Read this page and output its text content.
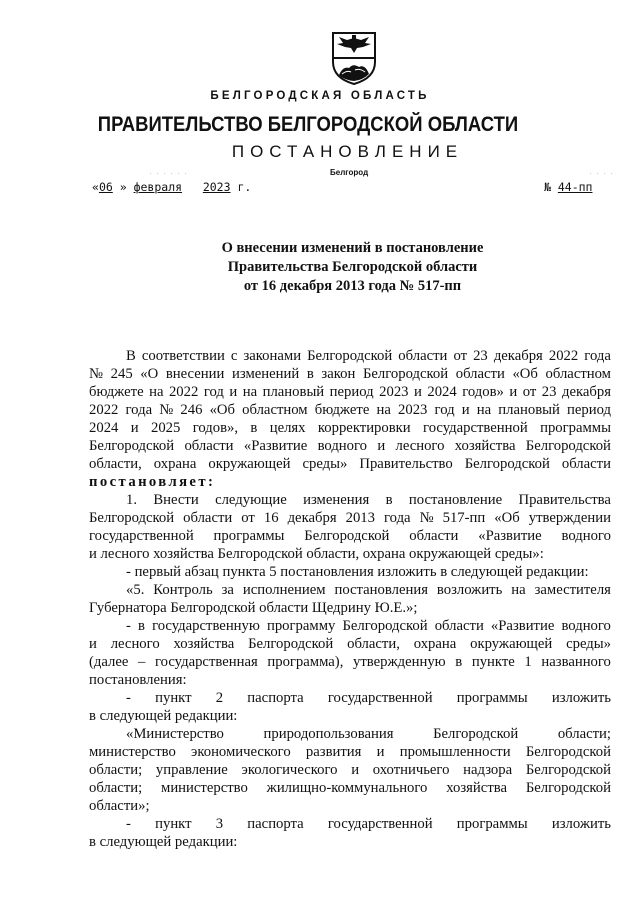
БЕЛГОРОДСКАЯ ОБЛАСТЬ
ПРАВИТЕЛЬСТВО БЕЛГОРОДСКОЙ ОБЛАСТИ
ПОСТАНОВЛЕНИЕ
. . . . . .	. . . .
Белгород
«06 » февраля 2023 г.	№ 44-пп
О внесении изменений в постановление
Правительства Белгородской области
от 16 декабря 2013 года № 517-пп
В соответствии с законами Белгородской области от 23 декабря 2022 года
№ 245 «О внесении изменений в закон Белгородской области «Об областном
бюджете на 2022 год и на плановый период 2023 и 2024 годов» и от 23 декабря
2022 года № 246 «Об областном бюджете на 2023 год и на плановый период
2024 и 2025 годов», в целях корректировки государственной программы
Белгородской области «Развитие водного и лесного хозяйства Белгородской
области, охрана окружающей среды» Правительство Белгородской области
постановляет:
1. Внести следующие изменения в постановление Правительства
Белгородской области от 16 декабря 2013 года № 517-пп «Об утверждении
государственной программы Белгородской области «Развитие водного
и лесного хозяйства Белгородской области, охрана окружающей среды»:
- первый абзац пункта 5 постановления изложить в следующей редакции:
«5. Контроль за исполнением постановления возложить на заместителя
Губернатора Белгородской области Щедрину Ю.Е.»;
- в государственную программу Белгородской области «Развитие водного
и лесного хозяйства Белгородской области, охрана окружающей среды»
(далее – государственная программа), утвержденную в пункте 1 названного
постановления:
- пункт 2 паспорта государственной программы изложить
в следующей редакции:
«Министерство	природопользования	Белгородской	области;
министерство экономического развития и промышленности Белгородской
области; управление экологического и охотничьего надзора Белгородской
области; министерство жилищно-коммунального хозяйства Белгородской
области»;
- пункт 3 паспорта государственной программы изложить
в следующей редакции:
